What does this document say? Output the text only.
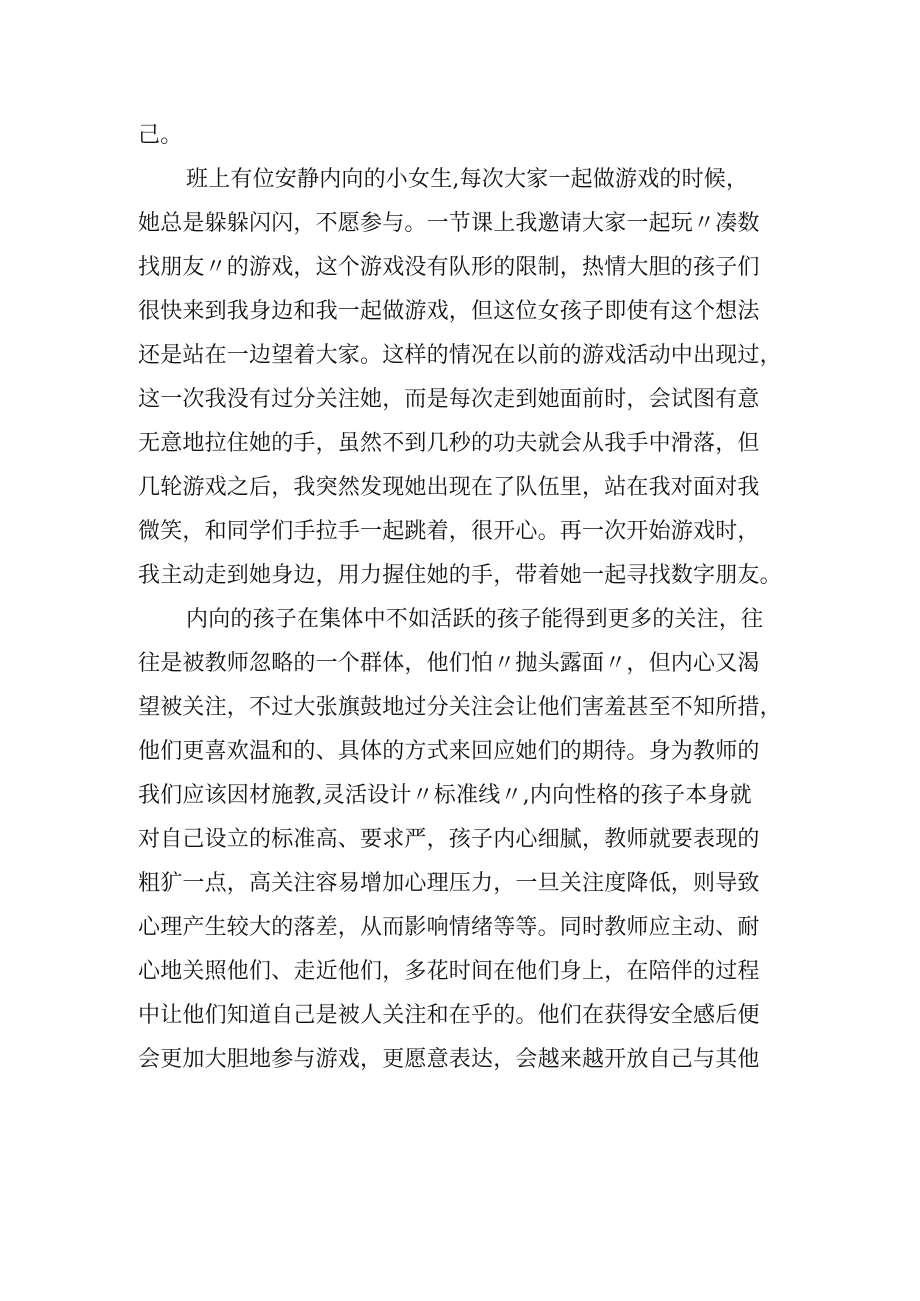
己。
班上有位安静内向的小女生,每次大家一起做游戏的时候，
她总是躲躲闪闪，不愿参与。一节课上我邀请大家一起玩〃凑数
找朋友〃的游戏，这个游戏没有队形的限制，热情大胆的孩子们
很快来到我身边和我一起做游戏，但这位女孩子即使有这个想法
还是站在一边望着大家。这样的情况在以前的游戏活动中出现过，
这一次我没有过分关注她，而是每次走到她面前时，会试图有意
无意地拉住她的手，虽然不到几秒的功夫就会从我手中滑落，但
几轮游戏之后，我突然发现她出现在了队伍里，站在我对面对我
微笑，和同学们手拉手一起跳着，很开心。再一次开始游戏时，
我主动走到她身边，用力握住她的手，带着她一起寻找数字朋友。
内向的孩子在集体中不如活跃的孩子能得到更多的关注，往
往是被教师忽略的一个群体，他们怕〃抛头露面〃，但内心又渴
望被关注，不过大张旗鼓地过分关注会让他们害羞甚至不知所措，
他们更喜欢温和的、具体的方式来回应她们的期待。身为教师的
我们应该因材施教,灵活设计〃标准线〃,内向性格的孩子本身就
对自己设立的标准高、要求严，孩子内心细腻，教师就要表现的
粗犷一点，高关注容易增加心理压力，一旦关注度降低，则导致
心理产生较大的落差，从而影响情绪等等。同时教师应主动、耐
心地关照他们、走近他们，多花时间在他们身上，在陪伴的过程
中让他们知道自己是被人关注和在乎的。他们在获得安全感后便
会更加大胆地参与游戏，更愿意表达，会越来越开放自己与其他
